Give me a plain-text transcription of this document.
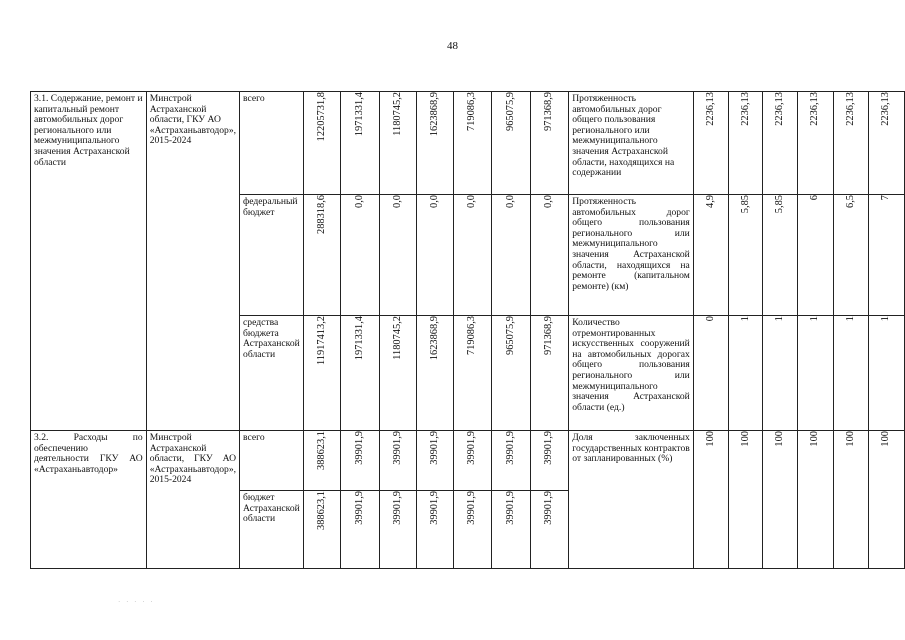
48
3.1. Содержание, ремонт и капитальный ремонт автомобильных дорог регионального или межмуниципального значения Астраханской области	Минстрой Астраханской области, ГКУ АО «Астраханьавтодор», 2015-2024	всего	12205731,8	1971331,4	1180745,2	1623868,9	719086,3	965075,9	971368,9	Протяженность автомобильных дорог общего пользования регионального или межмуниципального значения Астраханской области, находящихся на содержании	2236,13	2236,13	2236,13	2236,13	2236,13	2236,13

		федеральный бюджет	288318,6	0,0	0,0	0,0	0,0	0,0	0,0	Протяженность автомобильных дорог общего пользования регионального или межмуниципального значения Астраханской области, находящихся на ремонте (капитальном ремонте) (км)	4,9	5,85	5,85	6	6,5	7

		средства бюджета Астраханской области	11917413,2	1971331,4	1180745,2	1623868,9	719086,3	965075,9	971368,9	Количество отремонтированных искусственных сооружений на автомобильных дорогах общего пользования регионального или межмуниципального значения Астраханской области (ед.)	0	1	1	1	1	1

3.2. Расходы по обеспечению деятельности ГКУ АО «Астраханьавтодор»	Минстрой Астраханской области, ГКУ АО «Астраханьавтодор», 2015-2024	всего	388623,1	39901,9	39901,9	39901,9	39901,9	39901,9	39901,9	Доля заключенных государственных контрактов от запланированных (%)	100	100	100	100	100	100

		бюджет Астраханской области	388623,1	39901,9	39901,9	39901,9	39901,9	39901,9	39901,9							
· · · · ·
